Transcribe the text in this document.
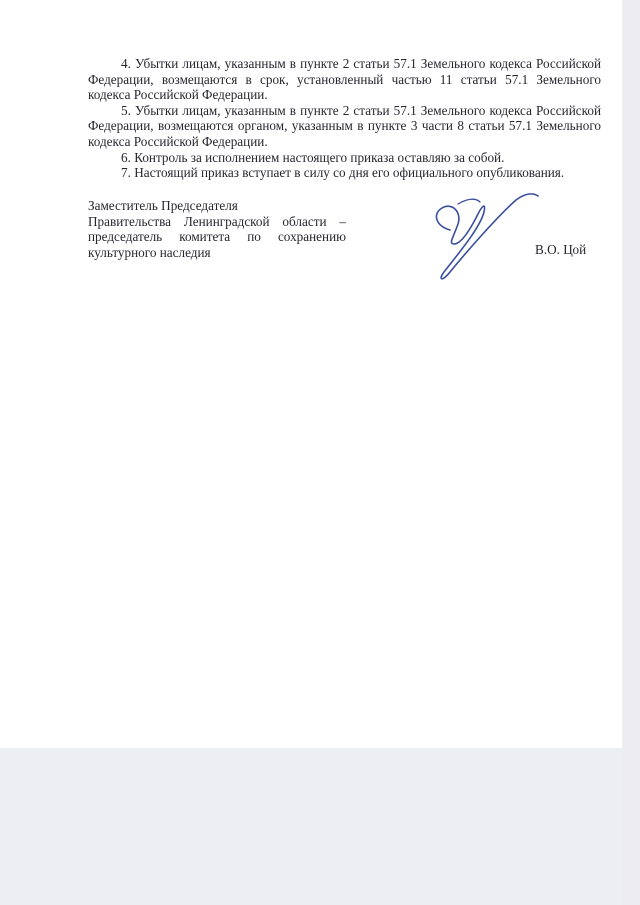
4. Убытки лицам, указанным в пункте 2 статьи 57.1 Земельного кодекса Российской Федерации, возмещаются в срок, установленный частью 11 статьи 57.1 Земельного кодекса Российской Федерации.

5. Убытки лицам, указанным в пункте 2 статьи 57.1 Земельного кодекса Российской Федерации, возмещаются органом, указанным в пункте 3 части 8 статьи 57.1 Земельного кодекса Российской Федерации.

6. Контроль за исполнением настоящего приказа оставляю за собой.

7. Настоящий приказ вступает в силу со дня его официального опубликования.

Заместитель Председателя
Правительства Ленинградской области –
председатель комитета по сохранению
культурного наследия	В.О. Цой
